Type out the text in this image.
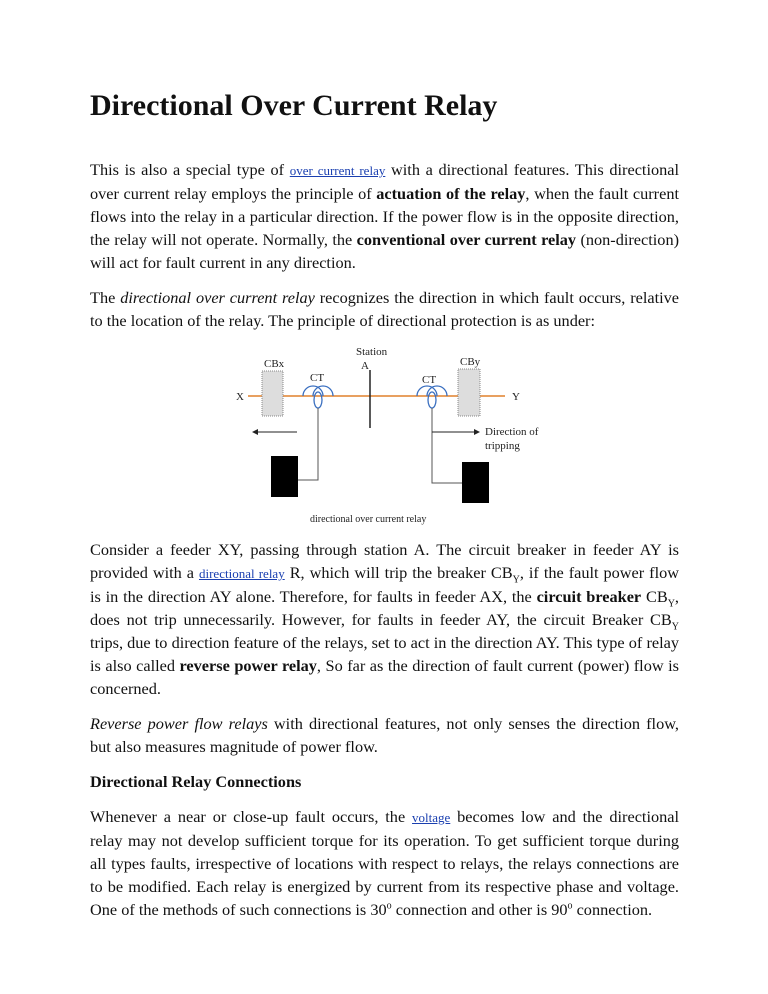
Directional Over Current Relay

This is also a special type of over current relay with a directional features. This directional over current relay employs the principle of actuation of the relay, when the fault current flows into the relay in a particular direction. If the power flow is in the opposite direction, the relay will not operate. Normally, the conventional over current relay (non-direction) will act for fault current in any direction.

The directional over current relay recognizes the direction in which fault occurs, relative to the location of the relay. The principle of directional protection is as under:

X	Y
CBx	CBy
CT	CT
Station
A
Direction of
tripping
directional over current relay

Consider a feeder XY, passing through station A. The circuit breaker in feeder AY is provided with a directional relay R, which will trip the breaker $CB_Y$, if the fault power flow is in the direction AY alone. Therefore, for faults in feeder AX, the circuit breaker $CB_Y$, does not trip unnecessarily. However, for faults in feeder AY, the circuit Breaker $CB_Y$ trips, due to direction feature of the relays, set to act in the direction AY. This type of relay is also called reverse power relay, So far as the direction of fault current (power) flow is concerned.

Reverse power flow relays with directional features, not only senses the direction flow, but also measures magnitude of power flow.

Directional Relay Connections

Whenever a near or close-up fault occurs, the voltage becomes low and the directional relay may not develop sufficient torque for its operation. To get sufficient torque during all types faults, irrespective of locations with respect to relays, the relays connections are to be modified. Each relay is energized by current from its respective phase and voltage. One of the methods of such connections is 30$^o$ connection and other is 90$^o$ connection.
